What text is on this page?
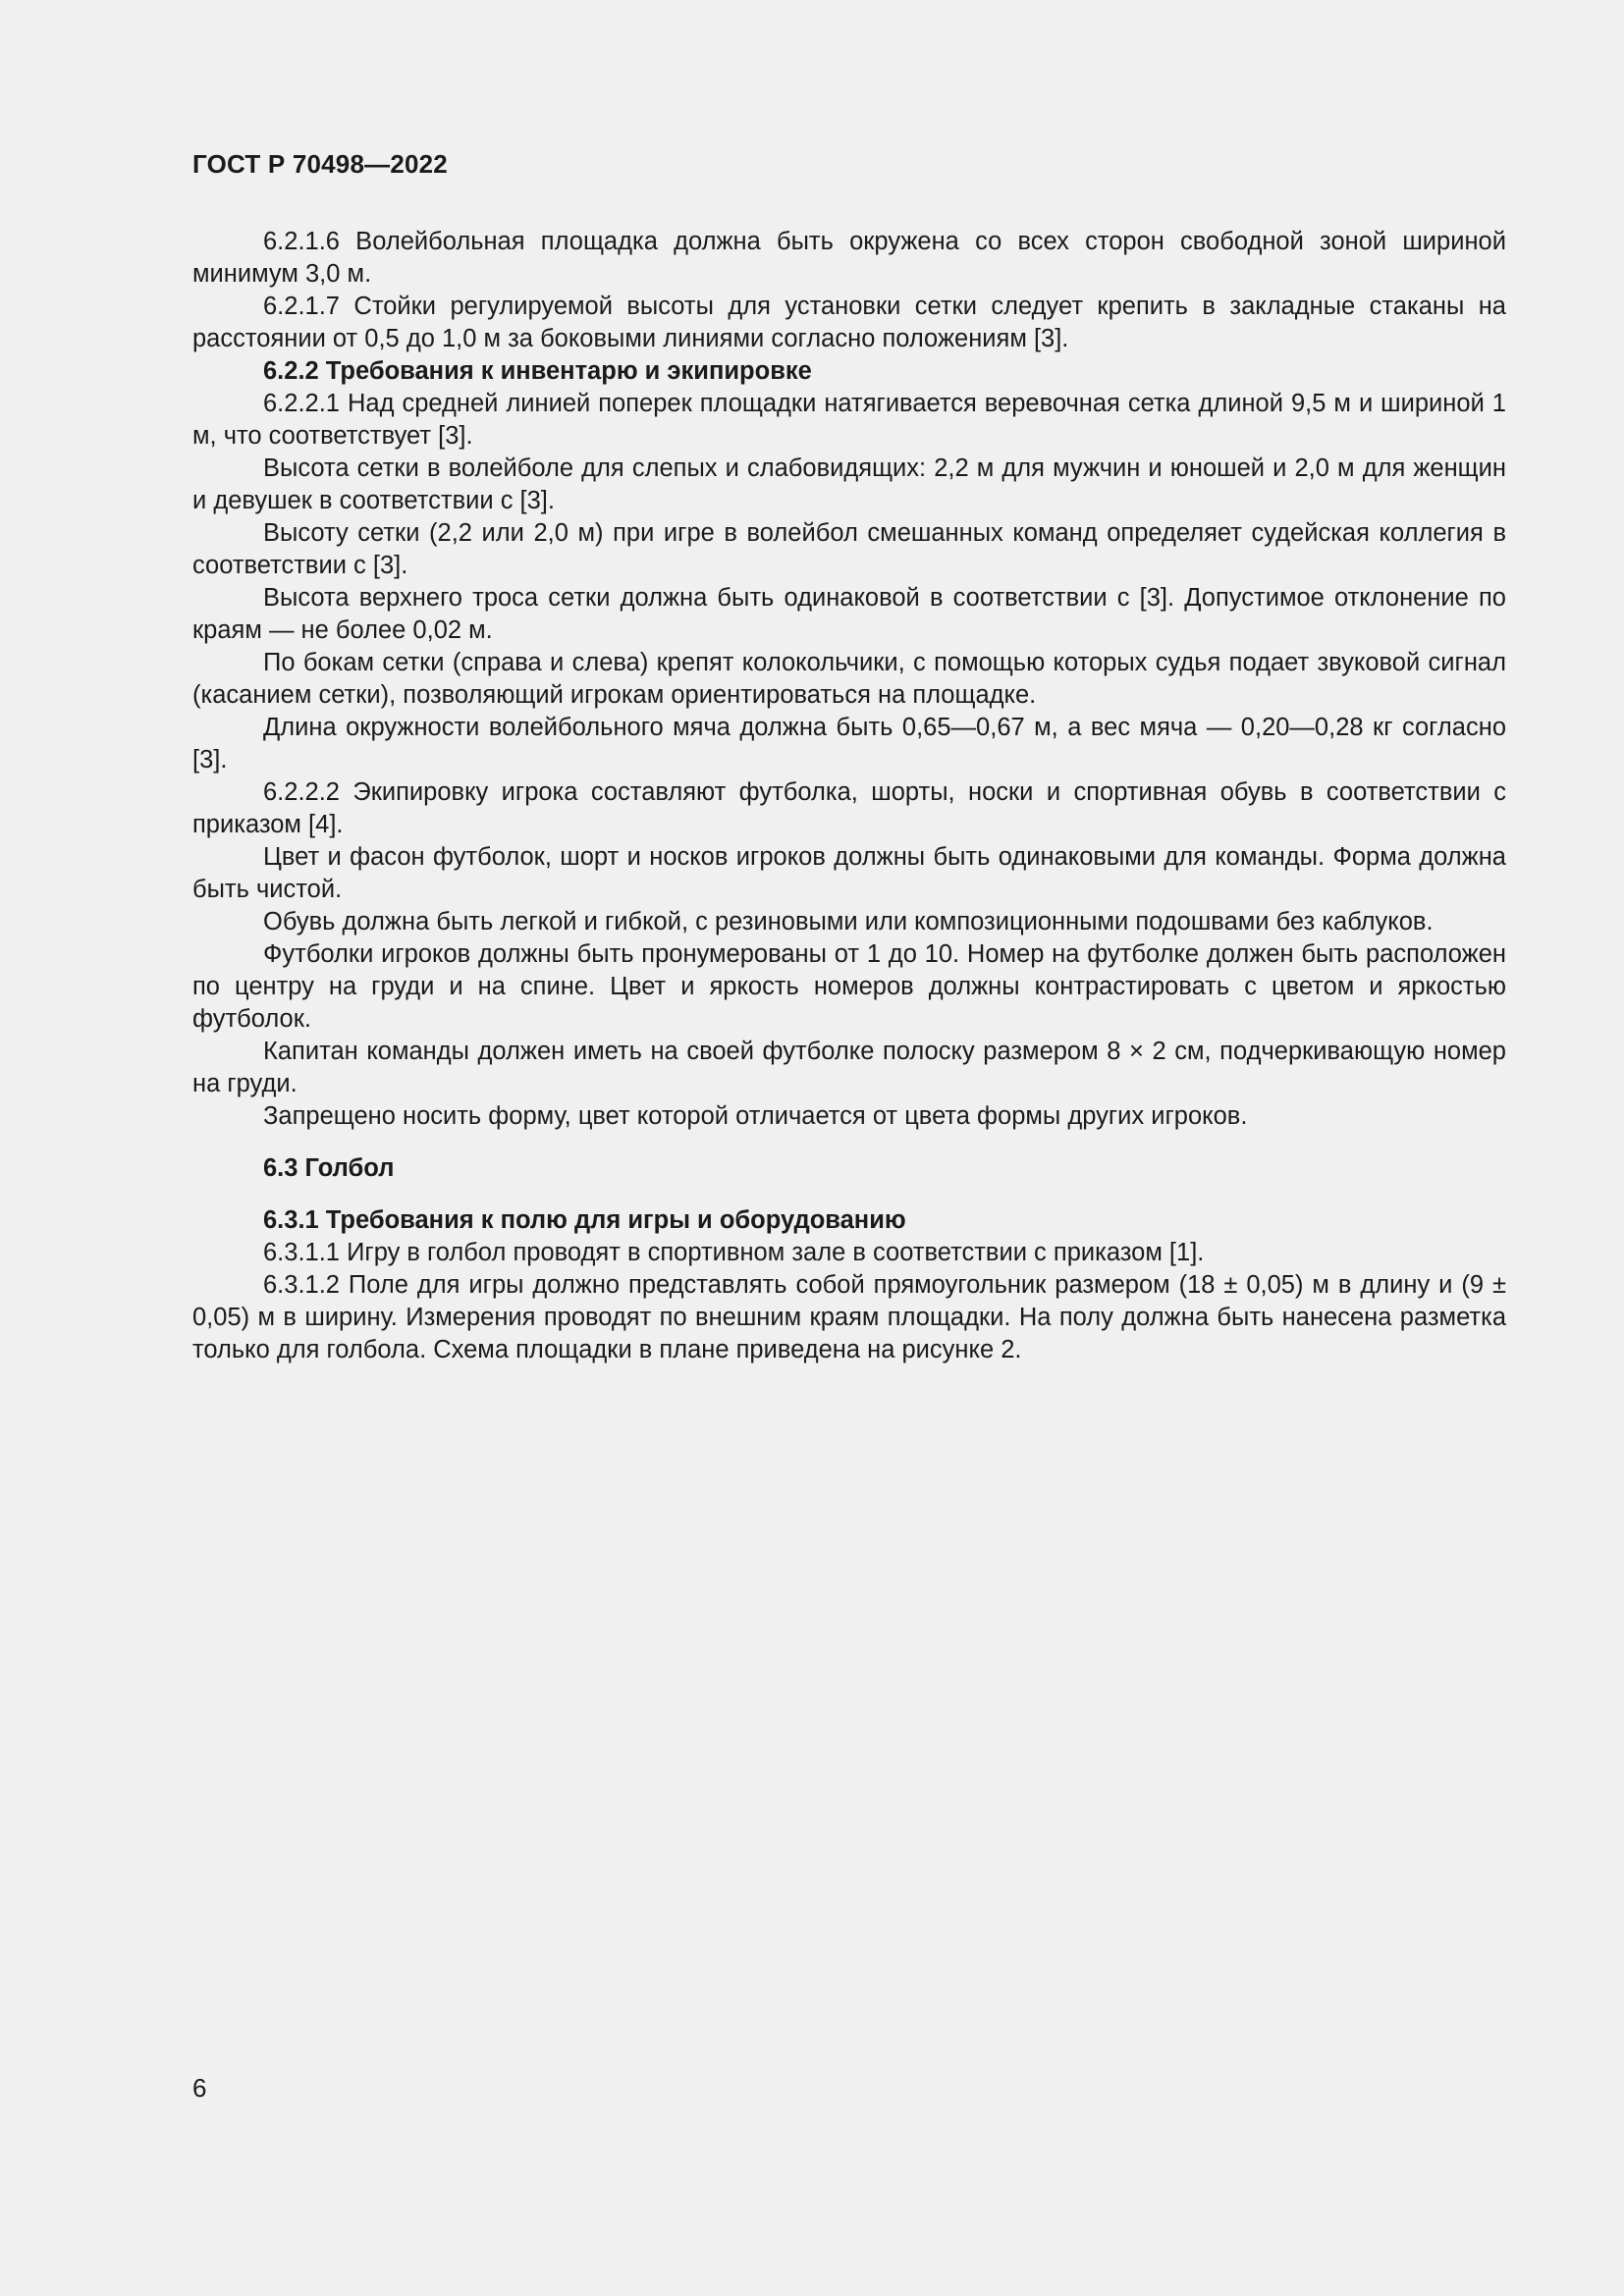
ГОСТ Р 70498—2022

6.2.1.6 Волейбольная площадка должна быть окружена со всех сторон свободной зоной шириной минимум 3,0 м.

6.2.1.7 Стойки регулируемой высоты для установки сетки следует крепить в закладные стаканы на расстоянии от 0,5 до 1,0 м за боковыми линиями согласно положениям [3].

6.2.2 Требования к инвентарю и экипировке

6.2.2.1 Над средней линией поперек площадки натягивается веревочная сетка длиной 9,5 м и шириной 1 м, что соответствует [3].

Высота сетки в волейболе для слепых и слабовидящих: 2,2 м для мужчин и юношей и 2,0 м для женщин и девушек в соответствии с [3].

Высоту сетки (2,2 или 2,0 м) при игре в волейбол смешанных команд определяет судейская коллегия в соответствии с [3].

Высота верхнего троса сетки должна быть одинаковой в соответствии с [3]. Допустимое отклонение по краям — не более 0,02 м.

По бокам сетки (справа и слева) крепят колокольчики, с помощью которых судья подает звуковой сигнал (касанием сетки), позволяющий игрокам ориентироваться на площадке.

Длина окружности волейбольного мяча должна быть 0,65—0,67 м, а вес мяча — 0,20—0,28 кг согласно [3].

6.2.2.2 Экипировку игрока составляют футболка, шорты, носки и спортивная обувь в соответствии с приказом [4].

Цвет и фасон футболок, шорт и носков игроков должны быть одинаковыми для команды. Форма должна быть чистой.

Обувь должна быть легкой и гибкой, с резиновыми или композиционными подошвами без каблуков.

Футболки игроков должны быть пронумерованы от 1 до 10. Номер на футболке должен быть расположен по центру на груди и на спине. Цвет и яркость номеров должны контрастировать с цветом и яркостью футболок.

Капитан команды должен иметь на своей футболке полоску размером 8 × 2 см, подчеркивающую номер на груди.

Запрещено носить форму, цвет которой отличается от цвета формы других игроков.

6.3 Голбол

6.3.1 Требования к полю для игры и оборудованию

6.3.1.1 Игру в голбол проводят в спортивном зале в соответствии с приказом [1].

6.3.1.2 Поле для игры должно представлять собой прямоугольник размером (18 ± 0,05) м в длину и (9 ± 0,05) м в ширину. Измерения проводят по внешним краям площадки. На полу должна быть нанесена разметка только для голбола. Схема площадки в плане приведена на рисунке 2.

6
